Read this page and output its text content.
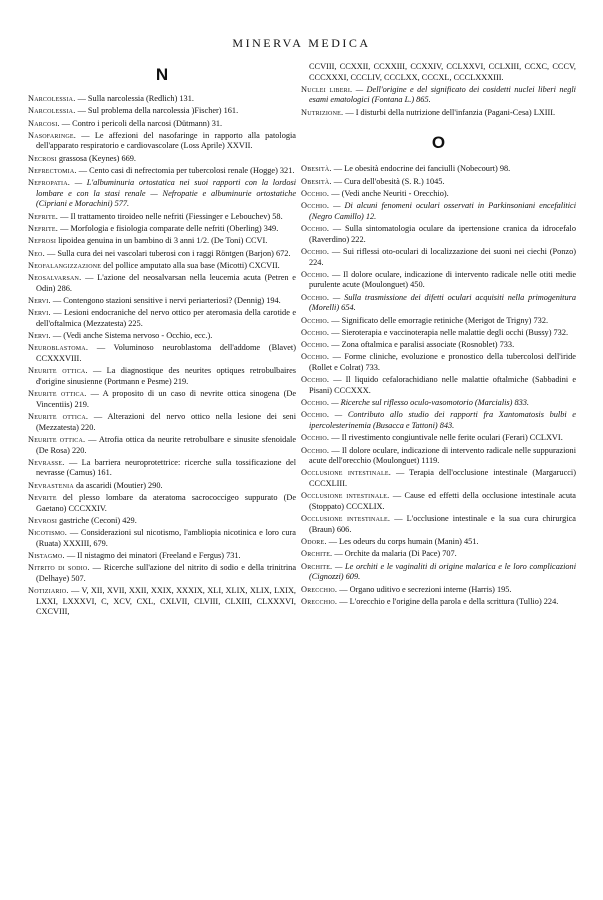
MINERVA MEDICA
N

Narcolessia. — Sulla narcolessia (Redlich) 131.

Narcolessia. — Sul problema della narcolessia )Fischer) 161.

Narcosi. — Contro i pericoli della narcosi (Dütmann) 31.

Nasofaringe. — Le affezioni del nasofaringe in rapporto alla patologia dell'apparato respiratorio e cardiovascolare (Loss Aprile) XXVII.

Necrosi grassosa (Keynes) 669.

Nefrectomia. — Cento casi di nefrectomia per tubercolosi renale (Hogge) 321.

Nefropatia. — L'albuminuria ortostatica nei suoi rapporti con la lordosi lombare e con la stasi renale — Nefropatie e albuminurie ortostatiche (Cipriani e Morachini) 577.

Nefrite. — Il trattamento tiroideo nelle nefriti (Fiessinger e Lebouchev) 58.

Nefrite. — Morfologia e fisiologia comparate delle nefriti (Oberling) 349.

Nefrosi lipoidea genuina in un bambino di 3 anni 1/2. (De Toni) CCVI.

Neo. — Sulla cura dei nei vascolari tuberosi con i raggi Röntgen (Barjon) 672.

Neofalangizzazione del pollice amputato alla sua base (Micotti) CXCVII.

Neosalvarsan. — L'azione del neosalvarsan nella leucemia acuta (Petren e Odin) 286.

Nervi. — Contengono stazioni sensitive i nervi periarteriosi? (Dennig) 194.

Nervi. — Lesioni endocraniche del nervo ottico per ateromasia della carotide e dell'oftalmica (Mezzatesta) 225.

Nervi. — (Vedi anche Sistema nervoso - Occhio, ecc.).

Neuroblastoma. — Voluminoso neuroblastoma dell'addome (Blavet) CCXXXVIII.

Neurite ottica. — La diagnostique des neurites optiques retrobulbaires d'origine sinusienne (Portmann e Pesme) 219.

Neurite ottica. — A proposito di un caso di nevrite ottica sinogena (De Vincentiis) 219.

Neurite ottica. — Alterazioni del nervo ottico nella lesione dei seni (Mezzatesta) 220.

Neurite ottica. — Atrofia ottica da neurite retrobulbare e sinusite sfenoidale (De Rosa) 220.

Nevrasse. — La barriera neuroprotettrice: ricerche sulla tossificazione del nevrasse (Camus) 161.

Nevrastenia da ascaridi (Moutier) 290.

Nevrite del plesso lombare da ateratoma sacrococcigeo suppurato (De Gaetano) CCCXXIV.

Nevrosi gastriche (Ceconi) 429.

Nicotismo. — Considerazioni sul nicotismo, l'ambliopia nicotinica e loro cura (Ruata) XXXIII, 679.

Nistagmo. — Il nistagmo dei minatori (Freeland e Fergus) 731.

Nitrito di sodio. — Ricerche sull'azione del nitrito di sodio e della trinitrina (Delhaye) 507.

Notiziario. — V, XII, XVII, XXII, XXIX, XXXIX, XLI, XLIX, XLIX, LXIX, LXXI, LXXXVI, C, XCV, CXL, CXLVII, CLVIII, CLXIII, CLXXXVI, CXCVIII,

CCVIII, CCXXII, CCXXIII, CCXXIV, CCLXXVI, CCLXIII, CCXC, CCCV, CCCXXXI, CCCLIV, CCCLXX, CCCXL, CCCLXXXIII.

Nuclei liberi. — Dell'origine e del significato dei cosidetti nuclei liberi negli esami ematologici (Fontana L.) 865.

Nutrizione. — I disturbi della nutrizione dell'infanzia (Pagani-Cesa) LXIII.

O

Obesità. — Le obesità endocrine dei fanciulli (Nobecourt) 98.

Obesità. — Cura dell'obesità (S. R.) 1045.

Occhio. — (Vedi anche Neuriti - Orecchio).

Occhio. — Di alcuni fenomeni oculari osservati in Parkinsoniani encefalitici (Negro Camillo) 12.

Occhio. — Sulla sintomatologia oculare da ipertensione cranica da idrocefalo (Raverdino) 222.

Occhio. — Sui riflessi oto-oculari di localizzazione dei suoni nei ciechi (Ponzo) 224.

Occhio. — Il dolore oculare, indicazione di intervento radicale nelle otiti medie purulente acute (Moulonguet) 450.

Occhio. — Sulla trasmissione dei difetti oculari acquisiti nella primogenitura (Morelli) 654.

Occhio. — Significato delle emorragie retiniche (Merigot de Trigny) 732.

Occhio. — Sieroterapia e vaccinoterapia nelle malattie degli occhi (Bussy) 732.

Occhio. — Zona oftalmica e paralisi associate (Rosnoblet) 733.

Occhio. — Forme cliniche, evoluzione e pronostico della tubercolosi dell'iride (Rollet e Colrat) 733.

Occhio. — Il liquido cefalorachidiano nelle malattie oftalmiche (Sabbadini e Pisani) CCCXXX.

Occhio. — Ricerche sul riflesso oculo-vasomotorio (Marcialis) 833.

Occhio. — Contributo allo studio dei rapporti fra Xantomatosis bulbi e ipercolesterinemia (Busacca e Tattoni) 843.

Occhio. — Il rivestimento congiuntivale nelle ferite oculari (Ferari) CCLXVI.

Occhio. — Il dolore oculare, indicazione di intervento radicale nelle suppurazioni acute dell'orecchio (Moulonguet) 1119.

Occlusione intestinale. — Terapia dell'occlusione intestinale (Margarucci) CCCXLIII.

Occlusione intestinale. — Cause ed effetti della occlusione intestinale acuta (Stoppato) CCCXLIX.

Occlusione intestinale. — L'occlusione intestinale e la sua cura chirurgica (Braun) 606.

Odore. — Les odeurs du corps humain (Manin) 451.

Orchite. — Orchite da malaria (Di Pace) 707.

Orchite. — Le orchiti e le vaginaliti di origine malarica e le loro complicazioni (Cignozzi) 609.

Orecchio. — Organo uditivo e secrezioni interne (Harris) 195.

Orecchio. — L'orecchio e l'origine della parola e della scrittura (Tullio) 224.
